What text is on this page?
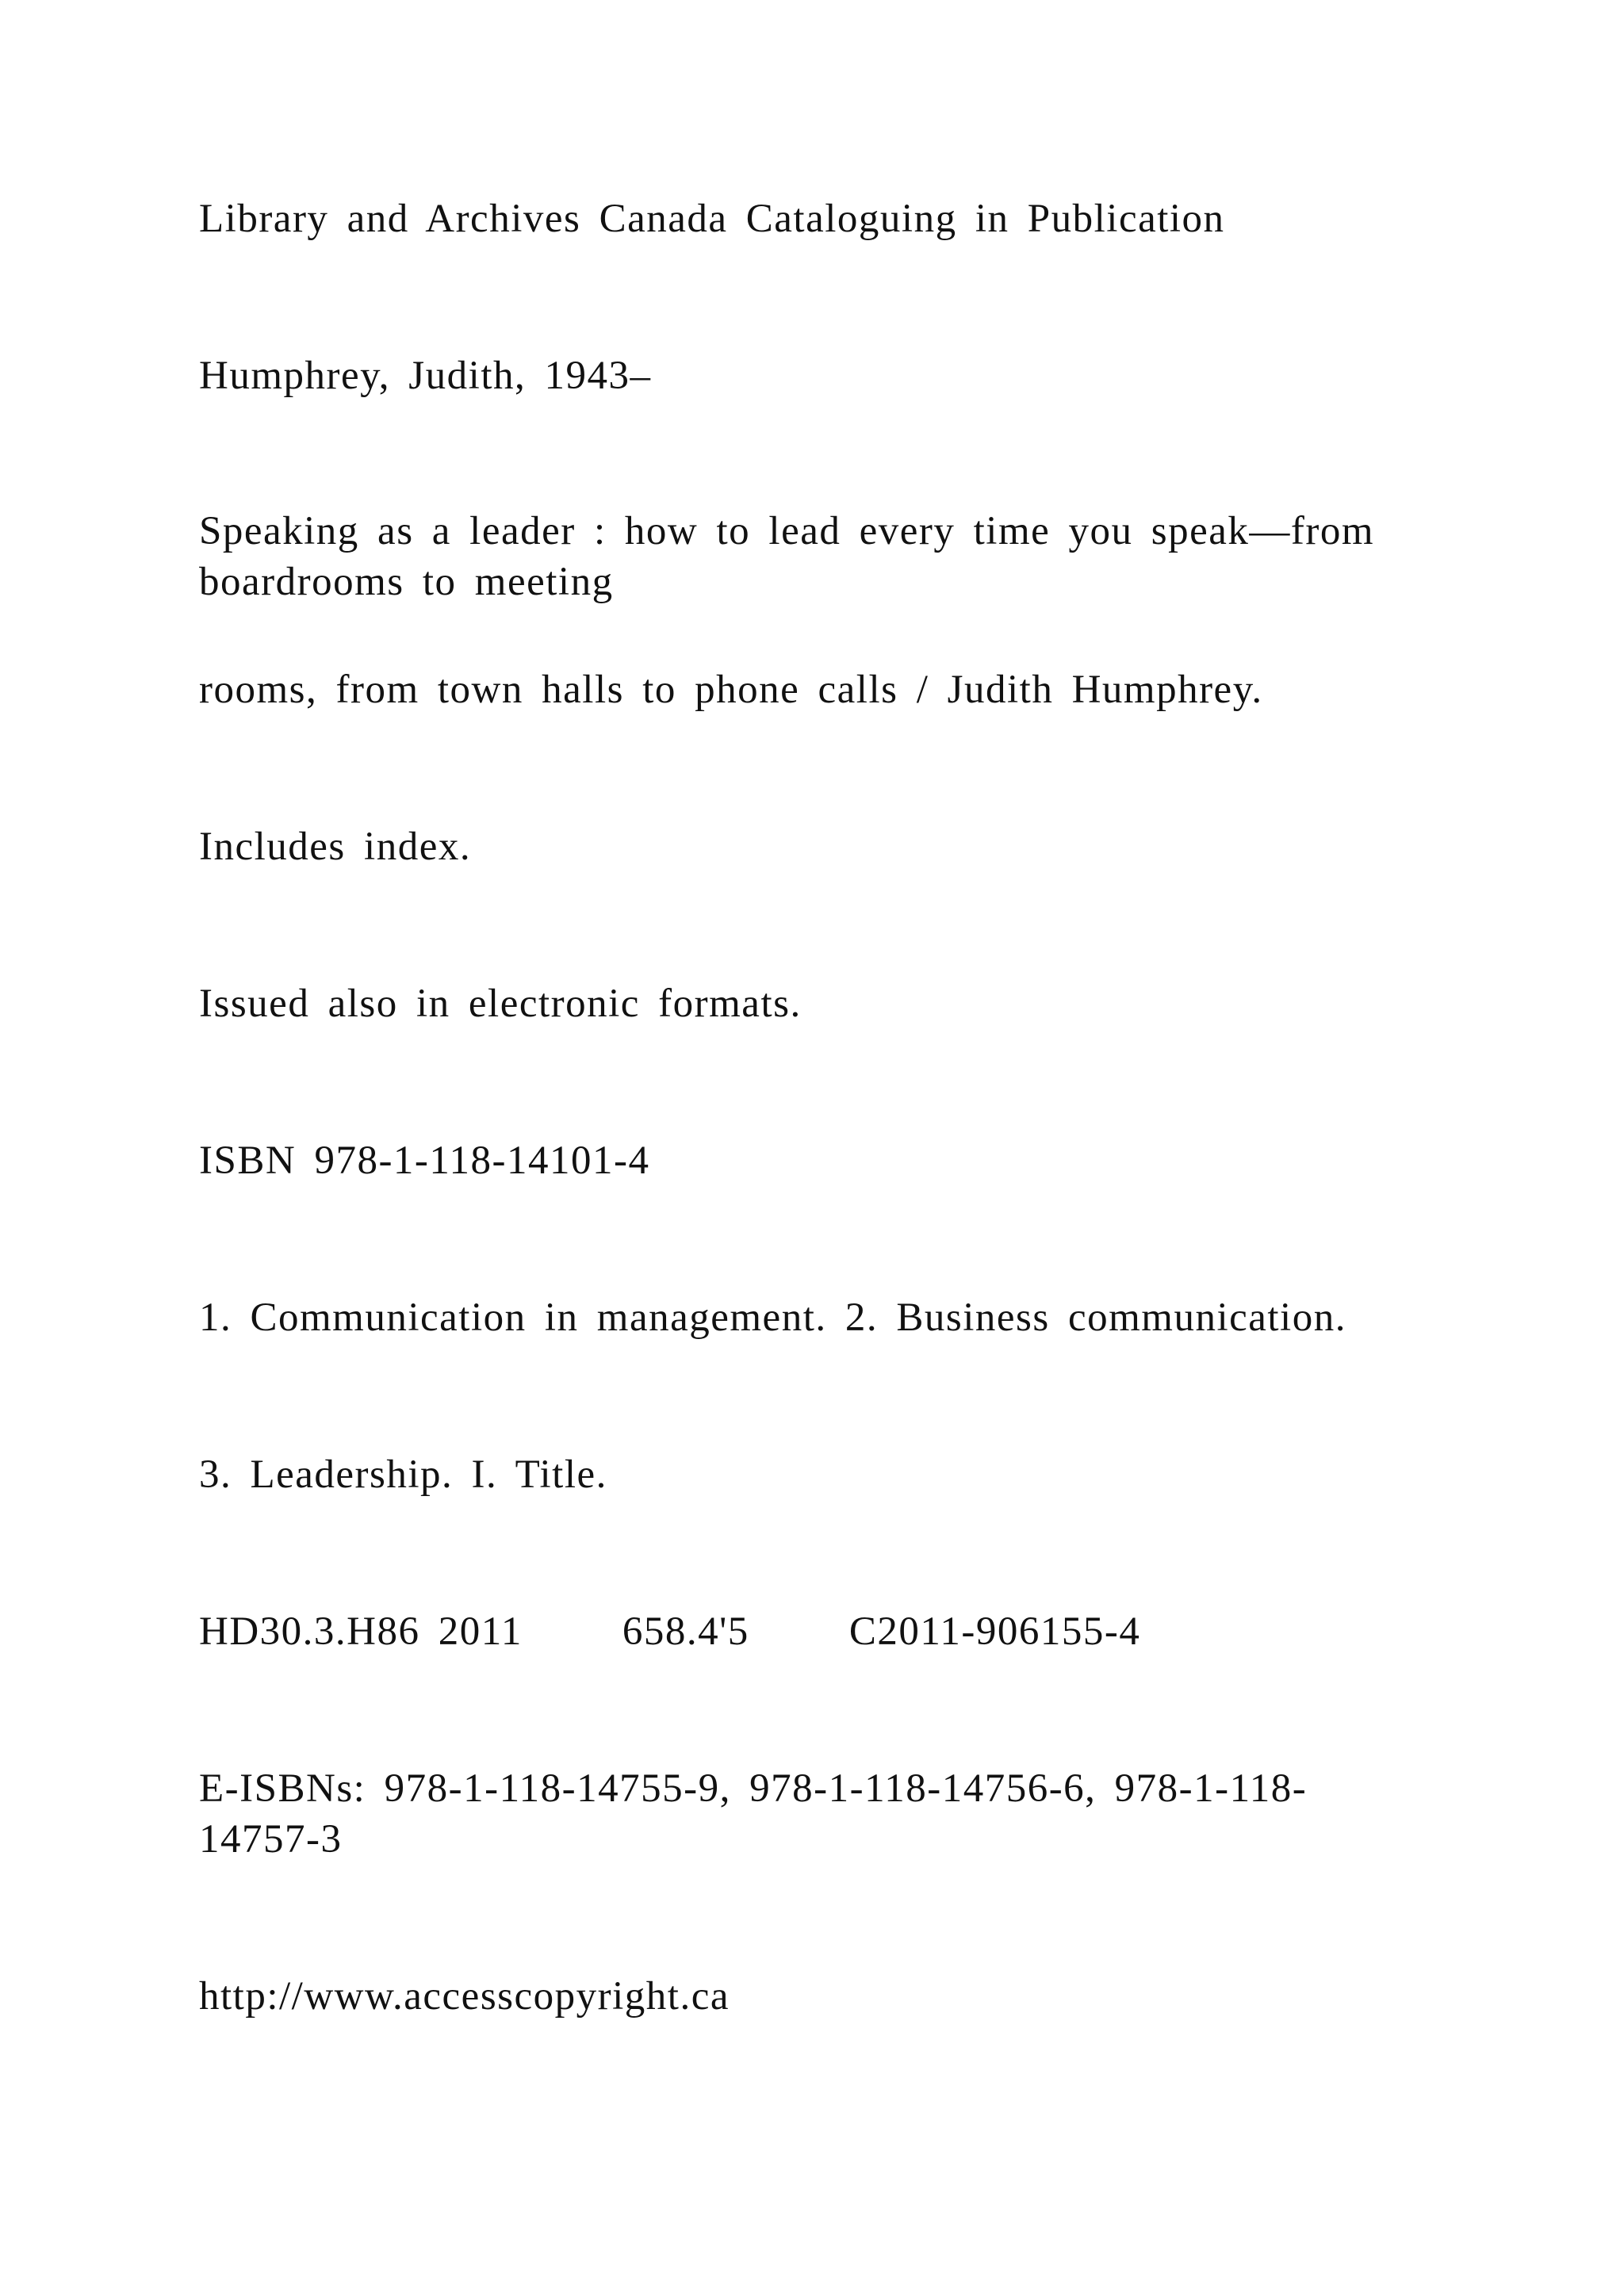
Library and Archives Canada Cataloguing in Publication

Humphrey, Judith, 1943–

Speaking as a leader : how to lead every time you speak—from boardrooms to meeting

rooms, from town halls to phone calls / Judith Humphrey.

Includes index.

Issued also in electronic formats.

ISBN 978-1-118-14101-4

1. Communication in management. 2. Business communication.

3. Leadership. I. Title.

HD30.3.H86 2011 658.4'5 C2011-906155-4

E-ISBNs: 978-1-118-14755-9, 978-1-118-14756-6, 978-1-118-14757-3

http://www.accesscopyright.ca
